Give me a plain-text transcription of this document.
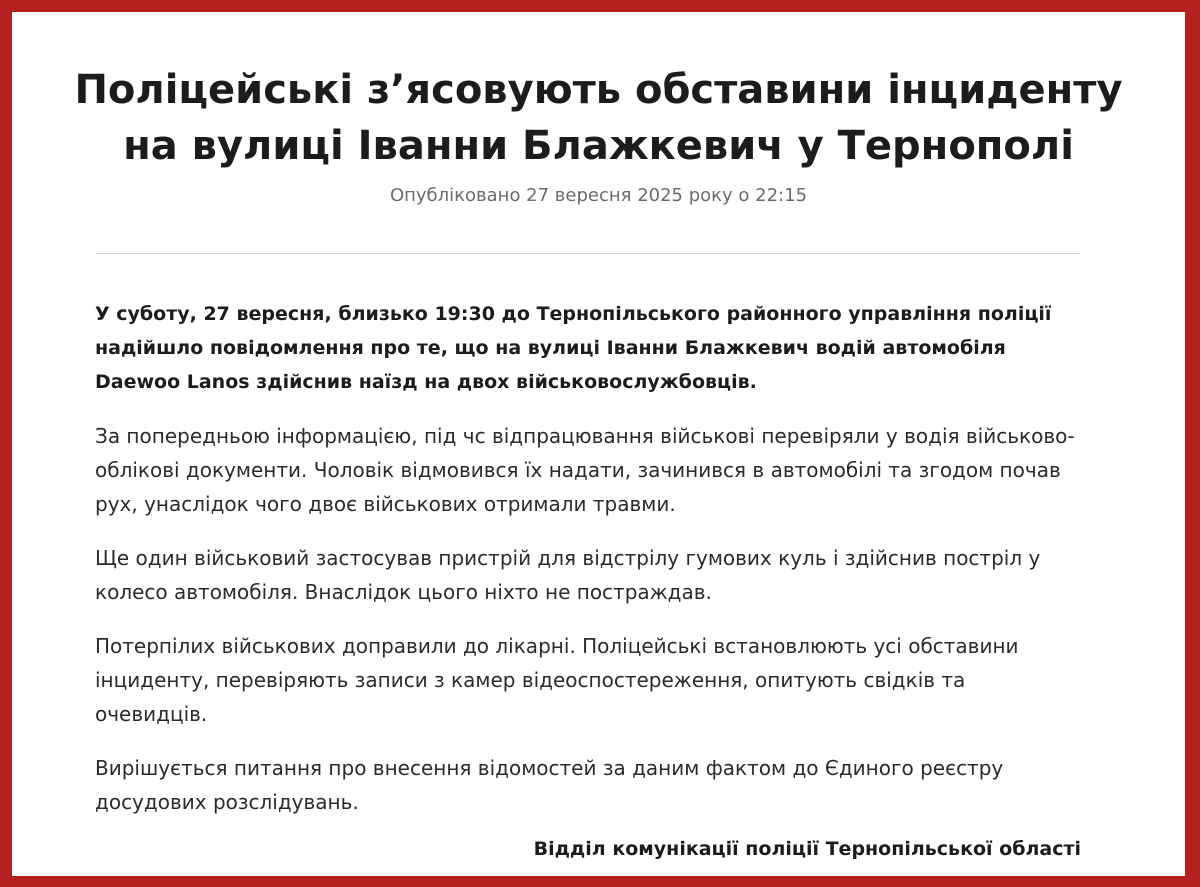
Поліцейські з’ясовують обставини інциденту
на вулиці Іванни Блажкевич у Тернополі

Опубліковано 27 вересня 2025 року о 22:15

У суботу, 27 вересня, близько 19:30 до Тернопільського районного управління поліції надійшло повідомлення про те, що на вулиці Іванни Блажкевич водій автомобіля Daewoo Lanos здійснив наїзд на двох військовослужбовців.

За попередньою інформацією, під чс відпрацювання військові перевіряли у водія військово-облікові документи. Чоловік відмовився їх надати, зачинився в автомобілі та згодом почав рух, унаслідок чого двоє військових отримали травми.

Ще один військовий застосував пристрій для відстрілу гумових куль і здійснив постріл у колесо автомобіля. Внаслідок цього ніхто не постраждав.

Потерпілих військових доправили до лікарні. Поліцейські встановлюють усі обставини інциденту, перевіряють записи з камер відеоспостереження, опитують свідків та очевидців.

Вирішується питання про внесення відомостей за даним фактом до Єдиного реєстру досудових розслідувань.

Відділ комунікації поліції Тернопільської області
